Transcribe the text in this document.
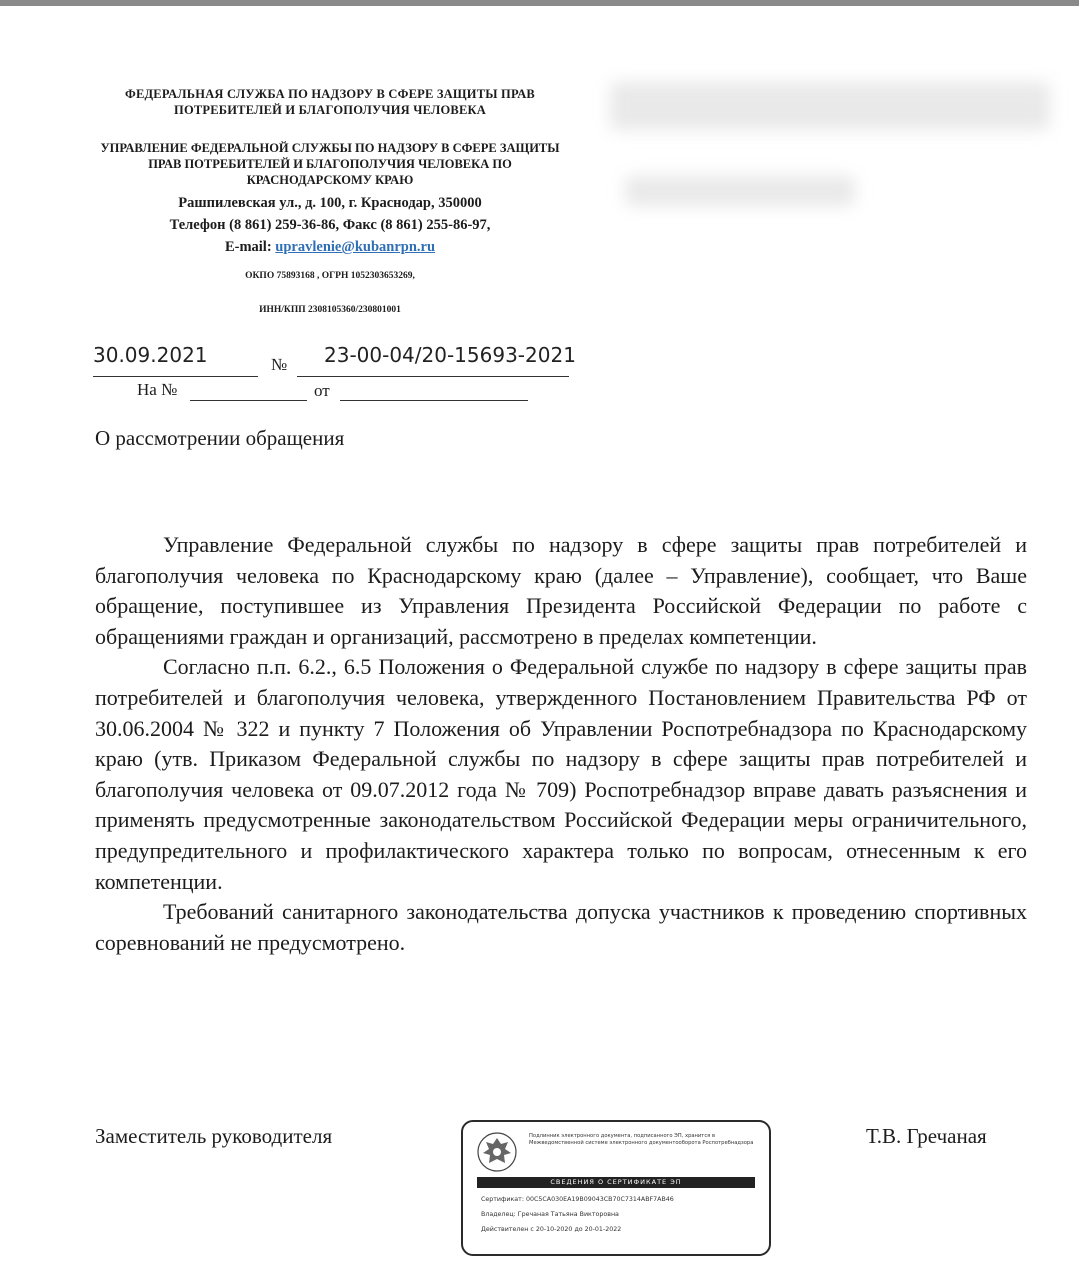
ФЕДЕРАЛЬНАЯ СЛУЖБА ПО НАДЗОРУ В СФЕРЕ ЗАЩИТЫ ПРАВ ПОТРЕБИТЕЛЕЙ И БЛАГОПОЛУЧИЯ ЧЕЛОВЕКА
УПРАВЛЕНИЕ ФЕДЕРАЛЬНОЙ СЛУЖБЫ ПО НАДЗОРУ В СФЕРЕ ЗАЩИТЫ ПРАВ ПОТРЕБИТЕЛЕЙ И БЛАГОПОЛУЧИЯ ЧЕЛОВЕКА ПО КРАСНОДАРСКОМУ КРАЮ
Рашпилевская ул., д. 100, г. Краснодар, 350000
Телефон (8 861) 259-36-86, Факс (8 861) 255-86-97,
E-mail: upravlenie@kubanrpn.ru
ОКПО 75893168 , ОГРН 1052303653269,
ИНН/КПП 2308105360/230801001
30.09.2021	№ 23-00-04/20-15693-2021
На №	от
О рассмотрении обращения

Управление Федеральной службы по надзору в сфере защиты прав потребителей и благополучия человека по Краснодарскому краю (далее – Управление), сообщает, что Ваше обращение, поступившее из Управления Президента Российской Федерации по работе с обращениями граждан и организаций, рассмотрено в пределах компетенции.

Согласно п.п. 6.2., 6.5 Положения о Федеральной службе по надзору в сфере защиты прав потребителей и благополучия человека, утвержденного Постановлением Правительства РФ от 30.06.2004 № 322 и пункту 7 Положения об Управлении Роспотребнадзора по Краснодарскому краю (утв. Приказом Федеральной службы по надзору в сфере защиты прав потребителей и благополучия человека от 09.07.2012 года № 709) Роспотребнадзор вправе давать разъяснения и применять предусмотренные законодательством Российской Федерации меры ограничительного, предупредительного и профилактического характера только по вопросам, отнесенным к его компетенции.

Требований санитарного законодательства допуска участников к проведению спортивных соревнований не предусмотрено.

Заместитель руководителя	Т.В. Гречаная
Подлинник электронного документа, подписанного ЭП, хранится в Межведомственной системе электронного документооборота Роспотребнадзора
СВЕДЕНИЯ О СЕРТИФИКАТЕ ЭП
Сертификат: 00C5CA030EA19B09043CB70C7314ABF7AB46
Владелец: Гречаная Татьяна Викторовна
Действителен с 20-10-2020 до 20-01-2022
